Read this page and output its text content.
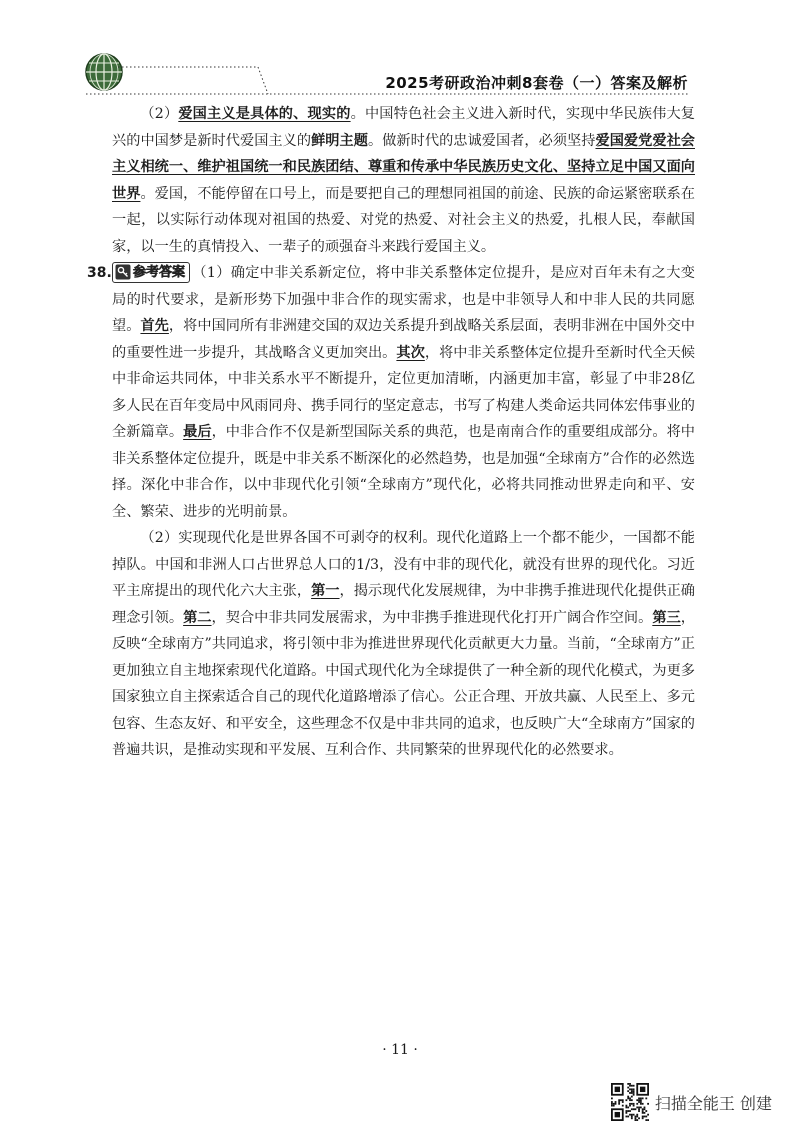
2025考研政治冲刺8套卷（一）答案及解析

（2）爱国主义是具体的、现实的。中国特色社会主义进入新时代，实现中华民族伟大复兴的中国梦是新时代爱国主义的鲜明主题。做新时代的忠诚爱国者，必须坚持爱国爱党爱社会主义相统一、维护祖国统一和民族团结、尊重和传承中华民族历史文化、坚持立足中国又面向世界。爱国，不能停留在口号上，而是要把自己的理想同祖国的前途、民族的命运紧密联系在一起，以实际行动体现对祖国的热爱、对党的热爱、对社会主义的热爱，扎根人民，奉献国家，以一生的真情投入、一辈子的顽强奋斗来践行爱国主义。

38. 参考答案 （1）确定中非关系新定位，将中非关系整体定位提升，是应对百年未有之大变局的时代要求，是新形势下加强中非合作的现实需求，也是中非领导人和中非人民的共同愿望。首先，将中国同所有非洲建交国的双边关系提升到战略关系层面，表明非洲在中国外交中的重要性进一步提升，其战略含义更加突出。其次，将中非关系整体定位提升至新时代全天候中非命运共同体，中非关系水平不断提升，定位更加清晰，内涵更加丰富，彰显了中非28亿多人民在百年变局中风雨同舟、携手同行的坚定意志，书写了构建人类命运共同体宏伟事业的全新篇章。最后，中非合作不仅是新型国际关系的典范，也是南南合作的重要组成部分。将中非关系整体定位提升，既是中非关系不断深化的必然趋势，也是加强“全球南方”合作的必然选择。深化中非合作，以中非现代化引领“全球南方”现代化，必将共同推动世界走向和平、安全、繁荣、进步的光明前景。

（2）实现现代化是世界各国不可剥夺的权利。现代化道路上一个都不能少，一国都不能掉队。中国和非洲人口占世界总人口的1/3，没有中非的现代化，就没有世界的现代化。习近平主席提出的现代化六大主张，第一，揭示现代化发展规律，为中非携手推进现代化提供正确理念引领。第二，契合中非共同发展需求，为中非携手推进现代化打开广阔合作空间。第三，反映“全球南方”共同追求，将引领中非为推进世界现代化贡献更大力量。当前，“全球南方”正更加独立自主地探索现代化道路。中国式现代化为全球提供了一种全新的现代化模式，为更多国家独立自主探索适合自己的现代化道路增添了信心。公正合理、开放共赢、人民至上、多元包容、生态友好、和平安全，这些理念不仅是中非共同的追求，也反映广大“全球南方”国家的普遍共识，是推动实现和平发展、互利合作、共同繁荣的世界现代化的必然要求。

· 11 ·
扫描全能王 创建
